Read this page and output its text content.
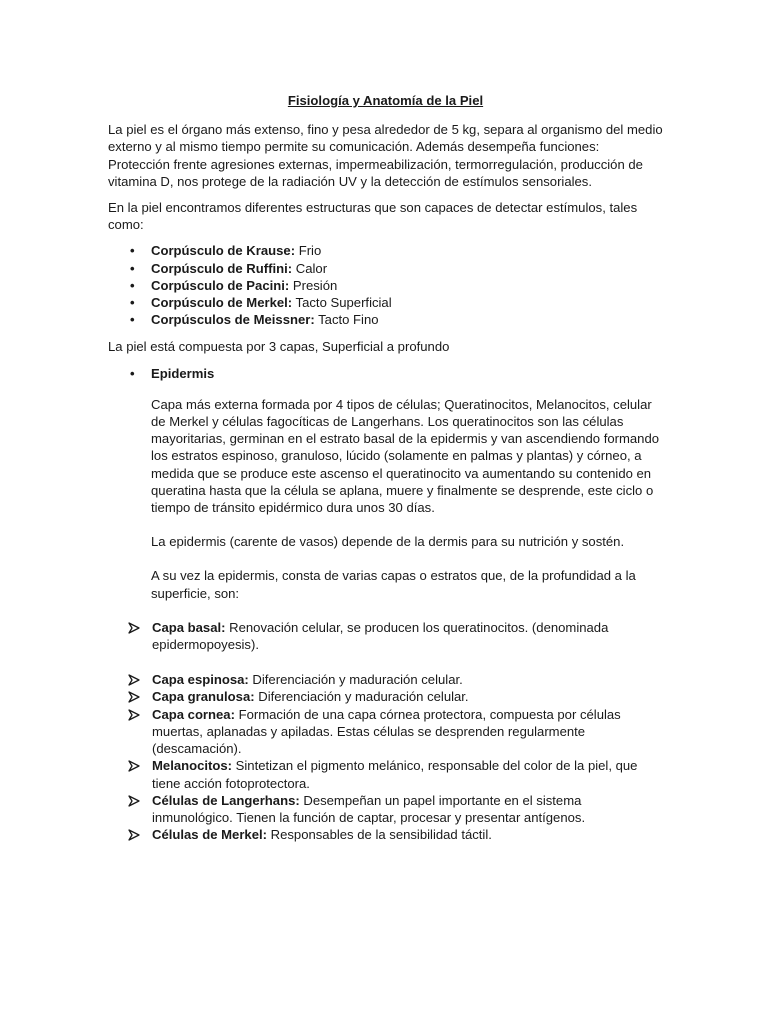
Fisiología y Anatomía de la Piel

La piel es el órgano más extenso, fino y pesa alrededor de 5 kg, separa al organismo del medio externo y al mismo tiempo permite su comunicación. Además desempeña funciones: Protección frente agresiones externas, impermeabilización, termorregulación, producción de vitamina D, nos protege de la radiación UV y la detección de estímulos sensoriales.

En la piel encontramos diferentes estructuras que son capaces de detectar estímulos, tales como:

• Corpúsculo de Krause: Frio
• Corpúsculo de Ruffini: Calor
• Corpúsculo de Pacini: Presión
• Corpúsculo de Merkel: Tacto Superficial
• Corpúsculos de Meissner: Tacto Fino

La piel está compuesta por 3 capas, Superficial a profundo

• Epidermis

Capa más externa formada por 4 tipos de células; Queratinocitos, Melanocitos, celular de Merkel y células fagocíticas de Langerhans. Los queratinocitos son las células mayoritarias, germinan en el estrato basal de la epidermis y van ascendiendo formando los estratos espinoso, granuloso, lúcido (solamente en palmas y plantas) y córneo, a medida que se produce este ascenso el queratinocito va aumentando su contenido en queratina hasta que la célula se aplana, muere y finalmente se desprende, este ciclo o tiempo de tránsito epidérmico dura unos 30 días.

La epidermis (carente de vasos) depende de la dermis para su nutrición y sostén.

A su vez la epidermis, consta de varias capas o estratos que, de la profundidad a la superficie, son:

Capa basal: Renovación celular, se producen los queratinocitos. (denominada epidermopoyesis).
Capa espinosa: Diferenciación y maduración celular.
Capa granulosa: Diferenciación y maduración celular.
Capa cornea: Formación de una capa córnea protectora, compuesta por células muertas, aplanadas y apiladas. Estas células se desprenden regularmente (descamación).
Melanocitos: Sintetizan el pigmento melánico, responsable del color de la piel, que tiene acción fotoprotectora.
Células de Langerhans: Desempeñan un papel importante en el sistema inmunológico. Tienen la función de captar, procesar y presentar antígenos.
Células de Merkel: Responsables de la sensibilidad táctil.
